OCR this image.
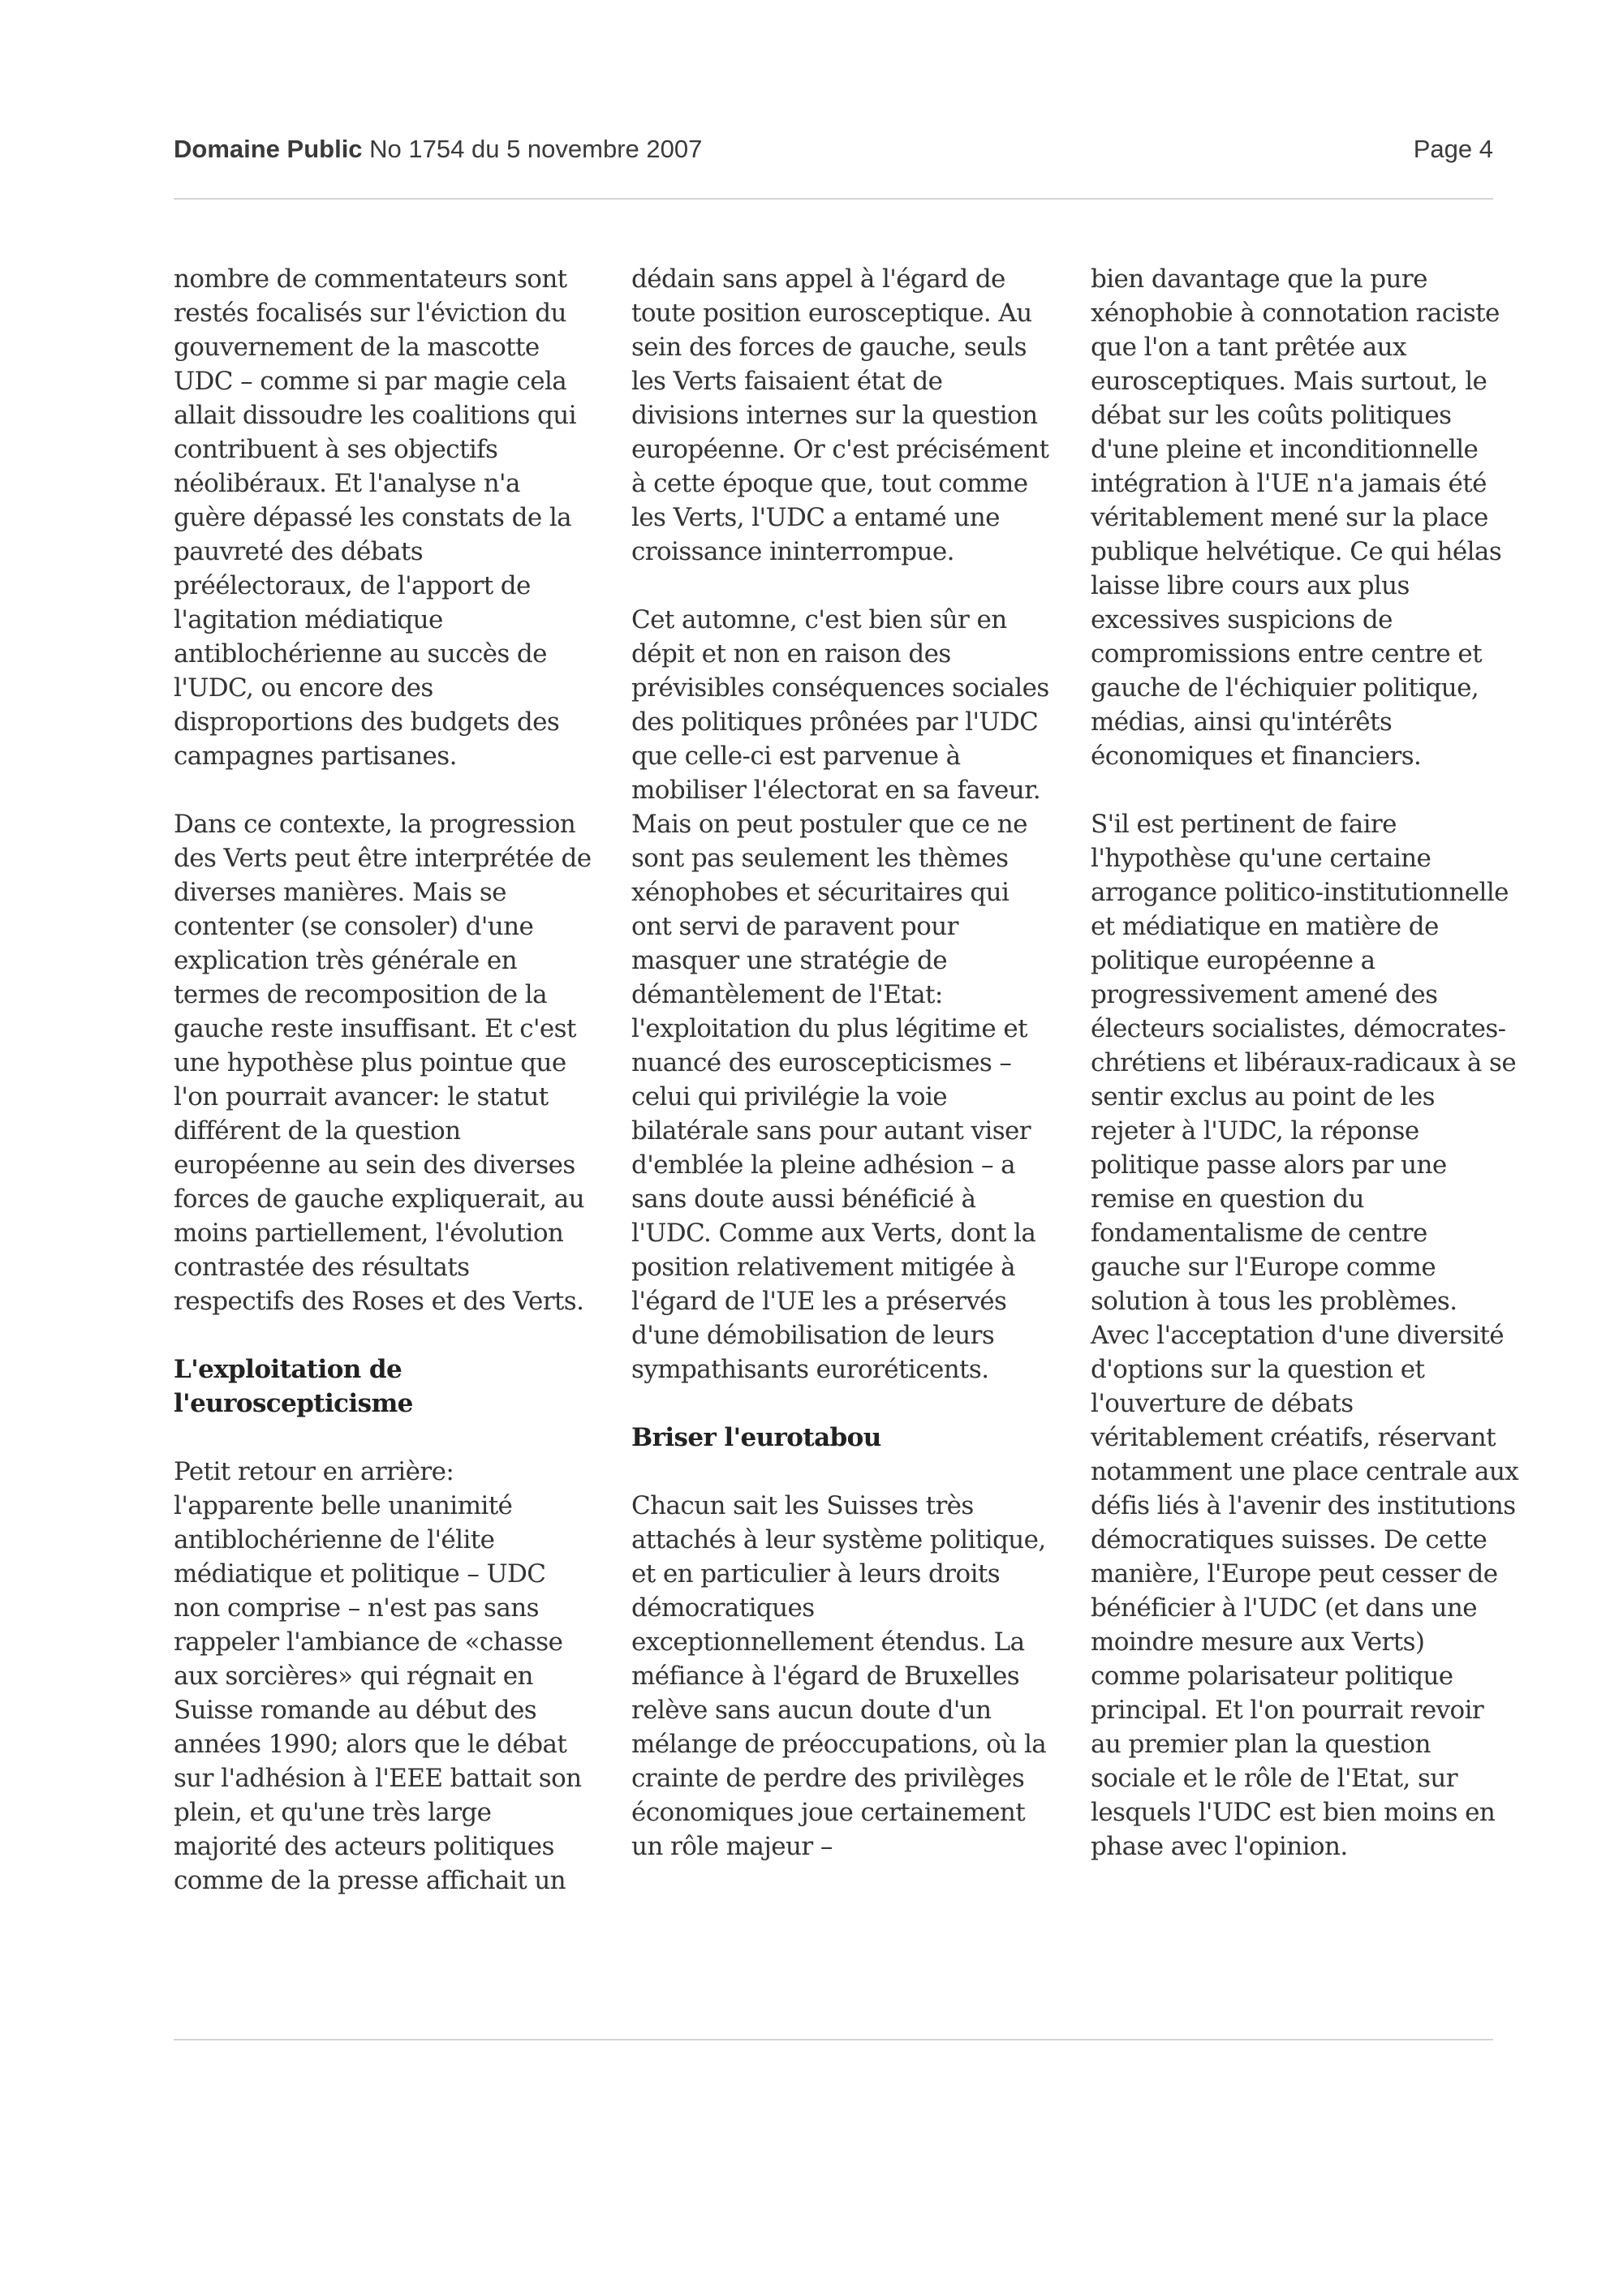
Domaine Public No 1754 du 5 novembre 2007	Page 4

nombre de commentateurs sont restés focalisés sur l'éviction du gouvernement de la mascotte UDC – comme si par magie cela allait dissoudre les coalitions qui contribuent à ses objectifs néolibéraux. Et l'analyse n'a guère dépassé les constats de la pauvreté des débats préélectoraux, de l'apport de l'agitation médiatique antiblochérienne au succès de l'UDC, ou encore des disproportions des budgets des campagnes partisanes.

Dans ce contexte, la progression des Verts peut être interprétée de diverses manières. Mais se contenter (se consoler) d'une explication très générale en termes de recomposition de la gauche reste insuffisant. Et c'est une hypothèse plus pointue que l'on pourrait avancer: le statut différent de la question européenne au sein des diverses forces de gauche expliquerait, au moins partiellement, l'évolution contrastée des résultats respectifs des Roses et des Verts.

L'exploitation de l'euroscepticisme

Petit retour en arrière: l'apparente belle unanimité antiblochérienne de l'élite médiatique et politique – UDC non comprise – n'est pas sans rappeler l'ambiance de «chasse aux sorcières» qui régnait en Suisse romande au début des années 1990; alors que le débat sur l'adhésion à l'EEE battait son plein, et qu'une très large majorité des acteurs politiques comme de la presse affichait un

dédain sans appel à l'égard de toute position eurosceptique. Au sein des forces de gauche, seuls les Verts faisaient état de divisions internes sur la question européenne. Or c'est précisément à cette époque que, tout comme les Verts, l'UDC a entamé une croissance ininterrompue.

Cet automne, c'est bien sûr en dépit et non en raison des prévisibles conséquences sociales des politiques prônées par l'UDC que celle-ci est parvenue à mobiliser l'électorat en sa faveur. Mais on peut postuler que ce ne sont pas seulement les thèmes xénophobes et sécuritaires qui ont servi de paravent pour masquer une stratégie de démantèlement de l'Etat: l'exploitation du plus légitime et nuancé des euroscepticismes – celui qui privilégie la voie bilatérale sans pour autant viser d'emblée la pleine adhésion – a sans doute aussi bénéficié à l'UDC. Comme aux Verts, dont la position relativement mitigée à l'égard de l'UE les a préservés d'une démobilisation de leurs sympathisants euroréticents.

Briser l'eurotabou

Chacun sait les Suisses très attachés à leur système politique, et en particulier à leurs droits démocratiques exceptionnellement étendus. La méfiance à l'égard de Bruxelles relève sans aucun doute d'un mélange de préoccupations, où la crainte de perdre des privilèges économiques joue certainement un rôle majeur –

bien davantage que la pure xénophobie à connotation raciste que l'on a tant prêtée aux eurosceptiques. Mais surtout, le débat sur les coûts politiques d'une pleine et inconditionnelle intégration à l'UE n'a jamais été véritablement mené sur la place publique helvétique. Ce qui hélas laisse libre cours aux plus excessives suspicions de compromissions entre centre et gauche de l'échiquier politique, médias, ainsi qu'intérêts économiques et financiers.

S'il est pertinent de faire l'hypothèse qu'une certaine arrogance politico-institutionnelle et médiatique en matière de politique européenne a progressivement amené des électeurs socialistes, démocrates-chrétiens et libéraux-radicaux à se sentir exclus au point de les rejeter à l'UDC, la réponse politique passe alors par une remise en question du fondamentalisme de centre gauche sur l'Europe comme solution à tous les problèmes. Avec l'acceptation d'une diversité d'options sur la question et l'ouverture de débats véritablement créatifs, réservant notamment une place centrale aux défis liés à l'avenir des institutions démocratiques suisses. De cette manière, l'Europe peut cesser de bénéficier à l'UDC (et dans une moindre mesure aux Verts) comme polarisateur politique principal. Et l'on pourrait revoir au premier plan la question sociale et le rôle de l'Etat, sur lesquels l'UDC est bien moins en phase avec l'opinion.
